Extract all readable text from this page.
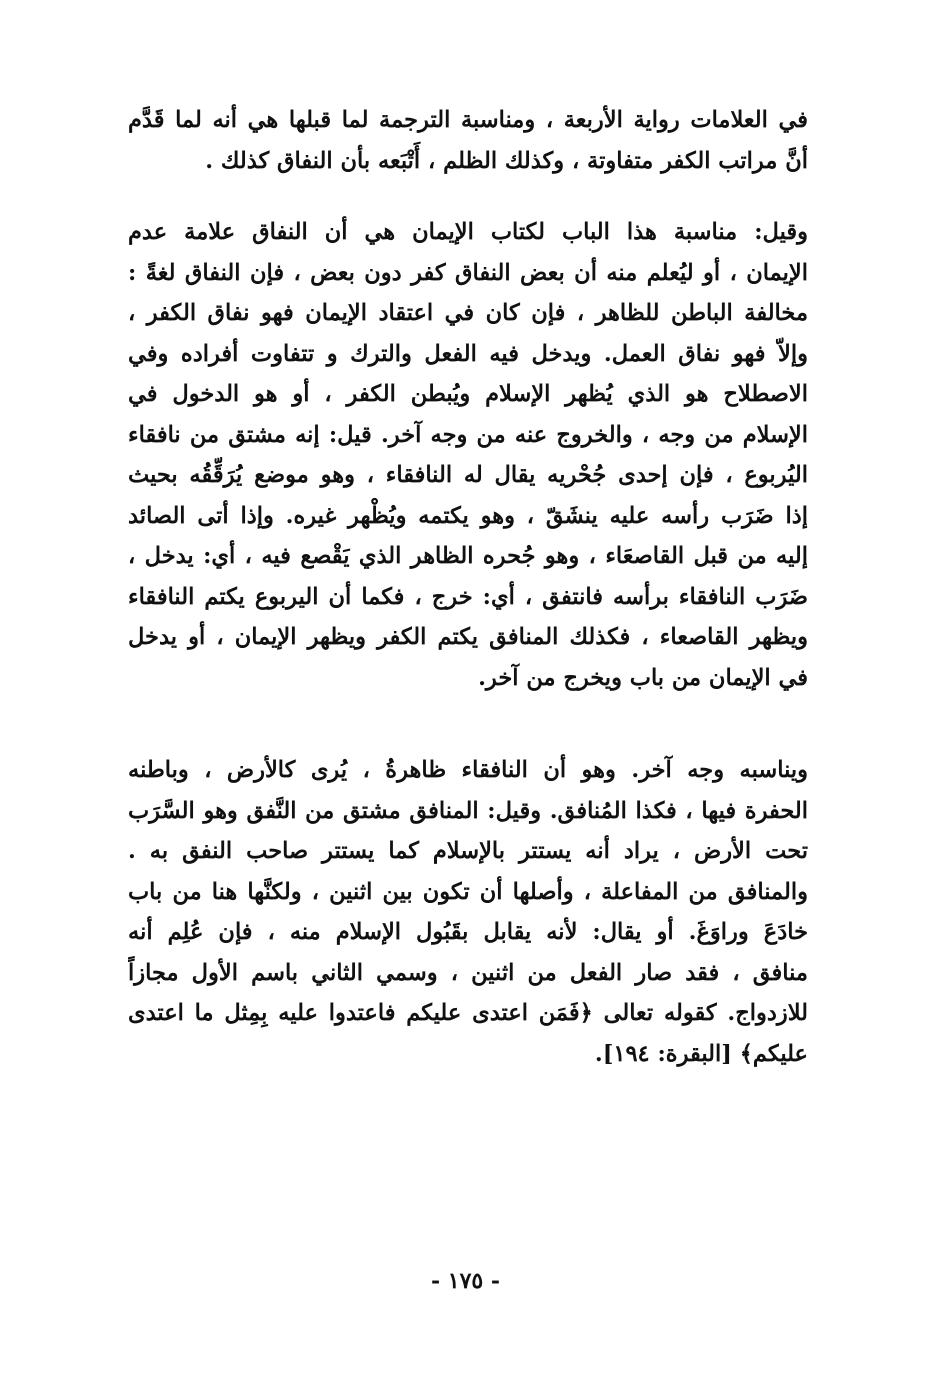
في العلامات رواية الأربعة ، ومناسبة الترجمة لما قبلها هي أنه لما قَدَّم
أنَّ مراتب الكفر متفاوتة ، وكذلك الظلم ، أَتْبَعه بأن النفاق كذلك .
وقيل: مناسبة هذا الباب لكتاب الإيمان هي أن النفاق علامة عدم
الإيمان ، أو ليُعلم منه أن بعض النفاق كفر دون بعض ، فإن النفاق لغةً :
مخالفة الباطن للظاهر ، فإن كان في اعتقاد الإيمان فهو نفاق الكفر ،
وإلاّ فهو نفاق العمل. ويدخل فيه الفعل والترك و تتفاوت أفراده وفي
الاصطلاح هو الذي يُظهر الإسلام ويُبطن الكفر ، أو هو الدخول في
الإسلام من وجه ، والخروج عنه من وجه آخر. قيل: إنه مشتق من نافقاء
اليُربوع ، فإن إحدى جُحْريه يقال له النافقاء ، وهو موضع يُرَقِّقُه بحيث
إذا ضَرَب رأسه عليه ينشَقّ ، وهو يكتمه ويُظْهر غيره. وإذا أتى الصائد
إليه من قبل القاصعَاء ، وهو جُحره الظاهر الذي يَقْصع فيه ، أي: يدخل ،
ضَرَب النافقاء برأسه فانتفق ، أي: خرج ، فكما أن اليربوع يكتم النافقاء
ويظهر القاصعاء ، فكذلك المنافق يكتم الكفر ويظهر الإيمان ، أو يدخل
في الإيمان من باب ويخرج من آخر.
ويناسبه وجه آخر. وهو أن النافقاء ظاهرةُ ، يُرى كالأرض ، وباطنه
الحفرة فيها ، فكذا المُنافق. وقيل: المنافق مشتق من النَّفق وهو السَّرَب
تحت الأرض ، يراد أنه يستتر بالإسلام كما يستتر صاحب النفق به .
والمنافق من المفاعلة ، وأصلها أن تكون بين اثنين ، ولكنَّها هنا من باب
خادَعَ وراوَغَ. أو يقال: لأنه يقابل بقَبُول الإسلام منه ، فإن عُلِم أنه
منافق ، فقد صار الفعل من اثنين ، وسمي الثاني باسم الأول مجازاً
للازدواج. كقوله تعالى ﴿فَمَن اعتدى عليكم فاعتدوا عليه بِمِثل ما اعتدى
عليكم﴾ [البقرة: ١٩٤].
- ١٧٥ -
